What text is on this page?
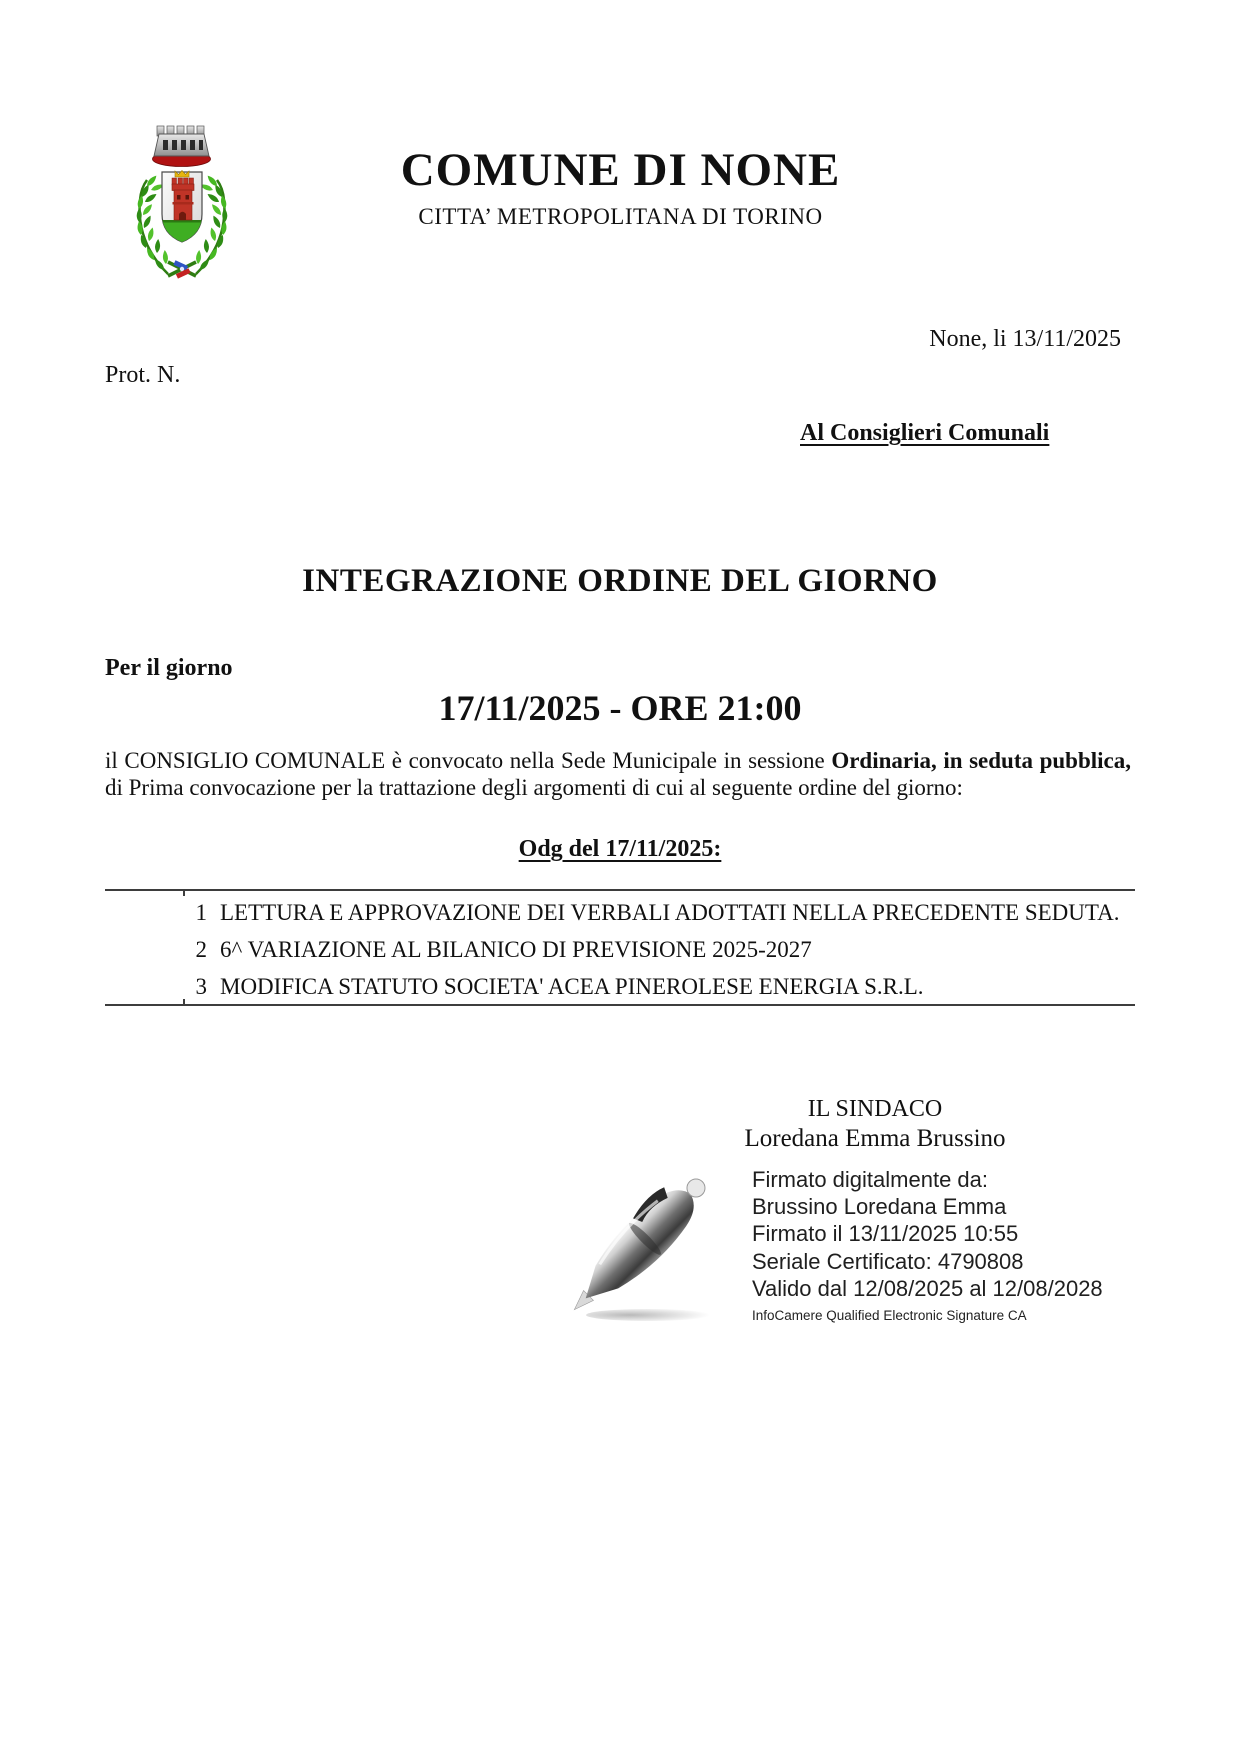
COMUNE DI NONE
CITTA’ METROPOLITANA DI TORINO
None, li 13/11/2025
Prot. N.
Al Consiglieri Comunali
INTEGRAZIONE ORDINE DEL GIORNO
Per il giorno
17/11/2025 - ORE 21:00

il CONSIGLIO COMUNALE è convocato nella Sede Municipale in sessione Ordinaria, in seduta pubblica, di Prima convocazione per la trattazione degli argomenti di cui al seguente ordine del giorno:

Odg del 17/11/2025:
1 LETTURA E APPROVAZIONE DEI VERBALI ADOTTATI NELLA PRECEDENTE SEDUTA.
2 6^ VARIAZIONE AL BILANICO DI PREVISIONE 2025-2027
3 MODIFICA STATUTO SOCIETA' ACEA PINEROLESE ENERGIA S.R.L.
IL SINDACO
Loredana Emma Brussino
Firmato digitalmente da:
Brussino Loredana Emma
Firmato il 13/11/2025 10:55
Seriale Certificato: 4790808
Valido dal 12/08/2025 al 12/08/2028
InfoCamere Qualified Electronic Signature CA
